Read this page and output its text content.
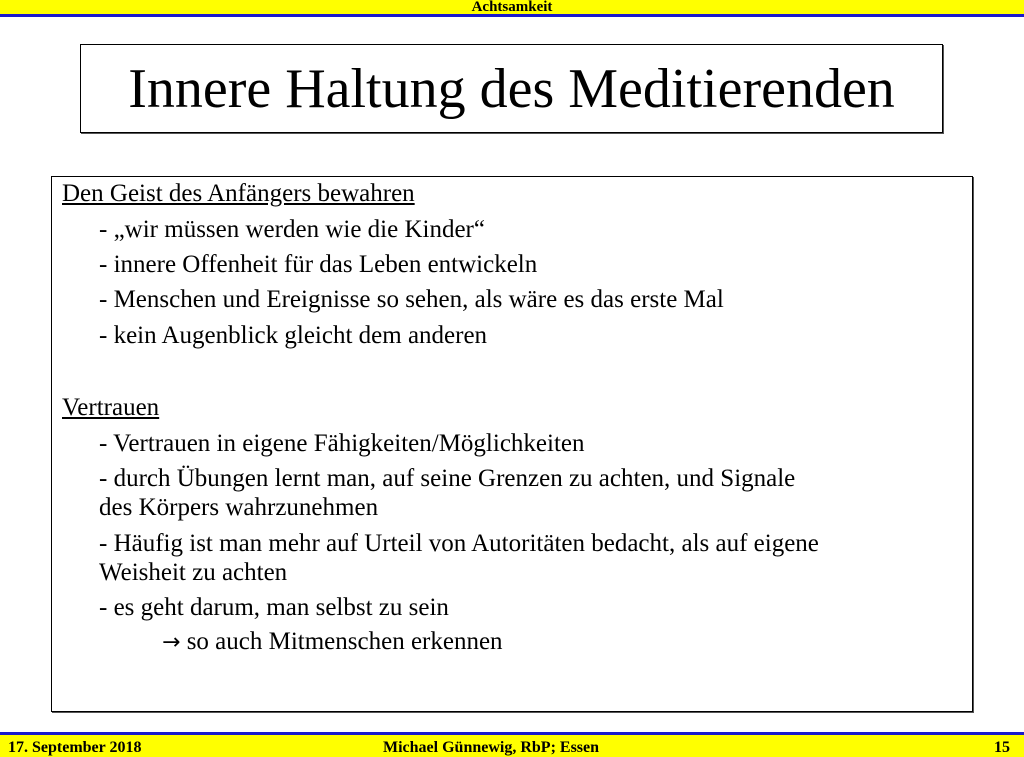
Achtsamkeit
Innere Haltung des Meditierenden
Den Geist des Anfängers bewahren
- „wir müssen werden wie die Kinder“
- innere Offenheit für das Leben entwickeln
- Menschen und Ereignisse so sehen, als wäre es das erste Mal
- kein Augenblick gleicht dem anderen
Vertrauen
- Vertrauen in eigene Fähigkeiten/Möglichkeiten
- durch Übungen lernt man, auf seine Grenzen zu achten, und Signale
des Körpers wahrzunehmen
- Häufig ist man mehr auf Urteil von Autoritäten bedacht, als auf eigene
Weisheit zu achten
- es geht darum, man selbst zu sein
→ so auch Mitmenschen erkennen
17. September 2018	Michael Günnewig, RbP; Essen	15
